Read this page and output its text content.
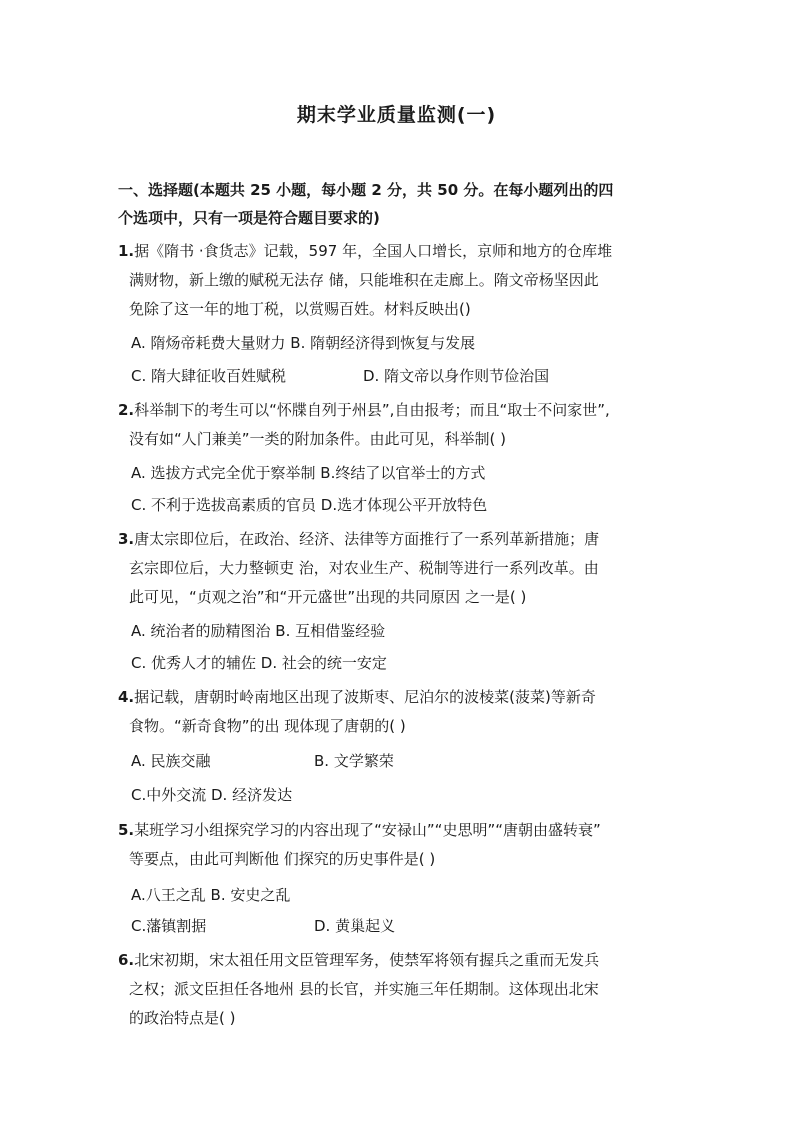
期末学业质量监测(一)
一、选择题(本题共 25 小题，每小题 2 分，共 50 分。在每小题列出的四
个选项中，只有一项是符合题目要求的)
1.据《隋书 ·食货志》记载，597 年，全国人口增长，京师和地方的仓库堆
满财物，新上缴的赋税无法存 储，只能堆积在走廊上。隋文帝杨坚因此
免除了这一年的地丁税，以赏赐百姓。材料反映出()
A. 隋炀帝耗费大量财力 B. 隋朝经济得到恢复与发展
C. 隋大肆征收百姓赋税	D. 隋文帝以身作则节俭治国
2.科举制下的考生可以“怀牒自列于州县”,自由报考；而且“取士不问家世”,
没有如“人门兼美”一类的附加条件。由此可见，科举制( )
A. 选拔方式完全优于察举制 B.终结了以官举士的方式
C. 不利于选拔高素质的官员 D.选才体现公平开放特色
3.唐太宗即位后，在政治、经济、法律等方面推行了一系列革新措施；唐
玄宗即位后，大力整顿吏 治，对农业生产、税制等进行一系列改革。由
此可见，“贞观之治”和“开元盛世”出现的共同原因 之一是( )
A. 统治者的励精图治 B. 互相借鉴经验
C. 优秀人才的辅佐 D. 社会的统一安定
4.据记载，唐朝时岭南地区出现了波斯枣、尼泊尔的波棱菜(菠菜)等新奇
食物。“新奇食物”的出 现体现了唐朝的( )
A. 民族交融	B. 文学繁荣
C.中外交流 D. 经济发达
5.某班学习小组探究学习的内容出现了“安禄山”“史思明”“唐朝由盛转衰”
等要点，由此可判断他 们探究的历史事件是( )
A.八王之乱 B. 安史之乱
C.藩镇割据	D. 黄巢起义
6.北宋初期，宋太祖任用文臣管理军务，使禁军将领有握兵之重而无发兵
之权；派文臣担任各地州 县的长官，并实施三年任期制。这体现出北宋
的政治特点是( )
